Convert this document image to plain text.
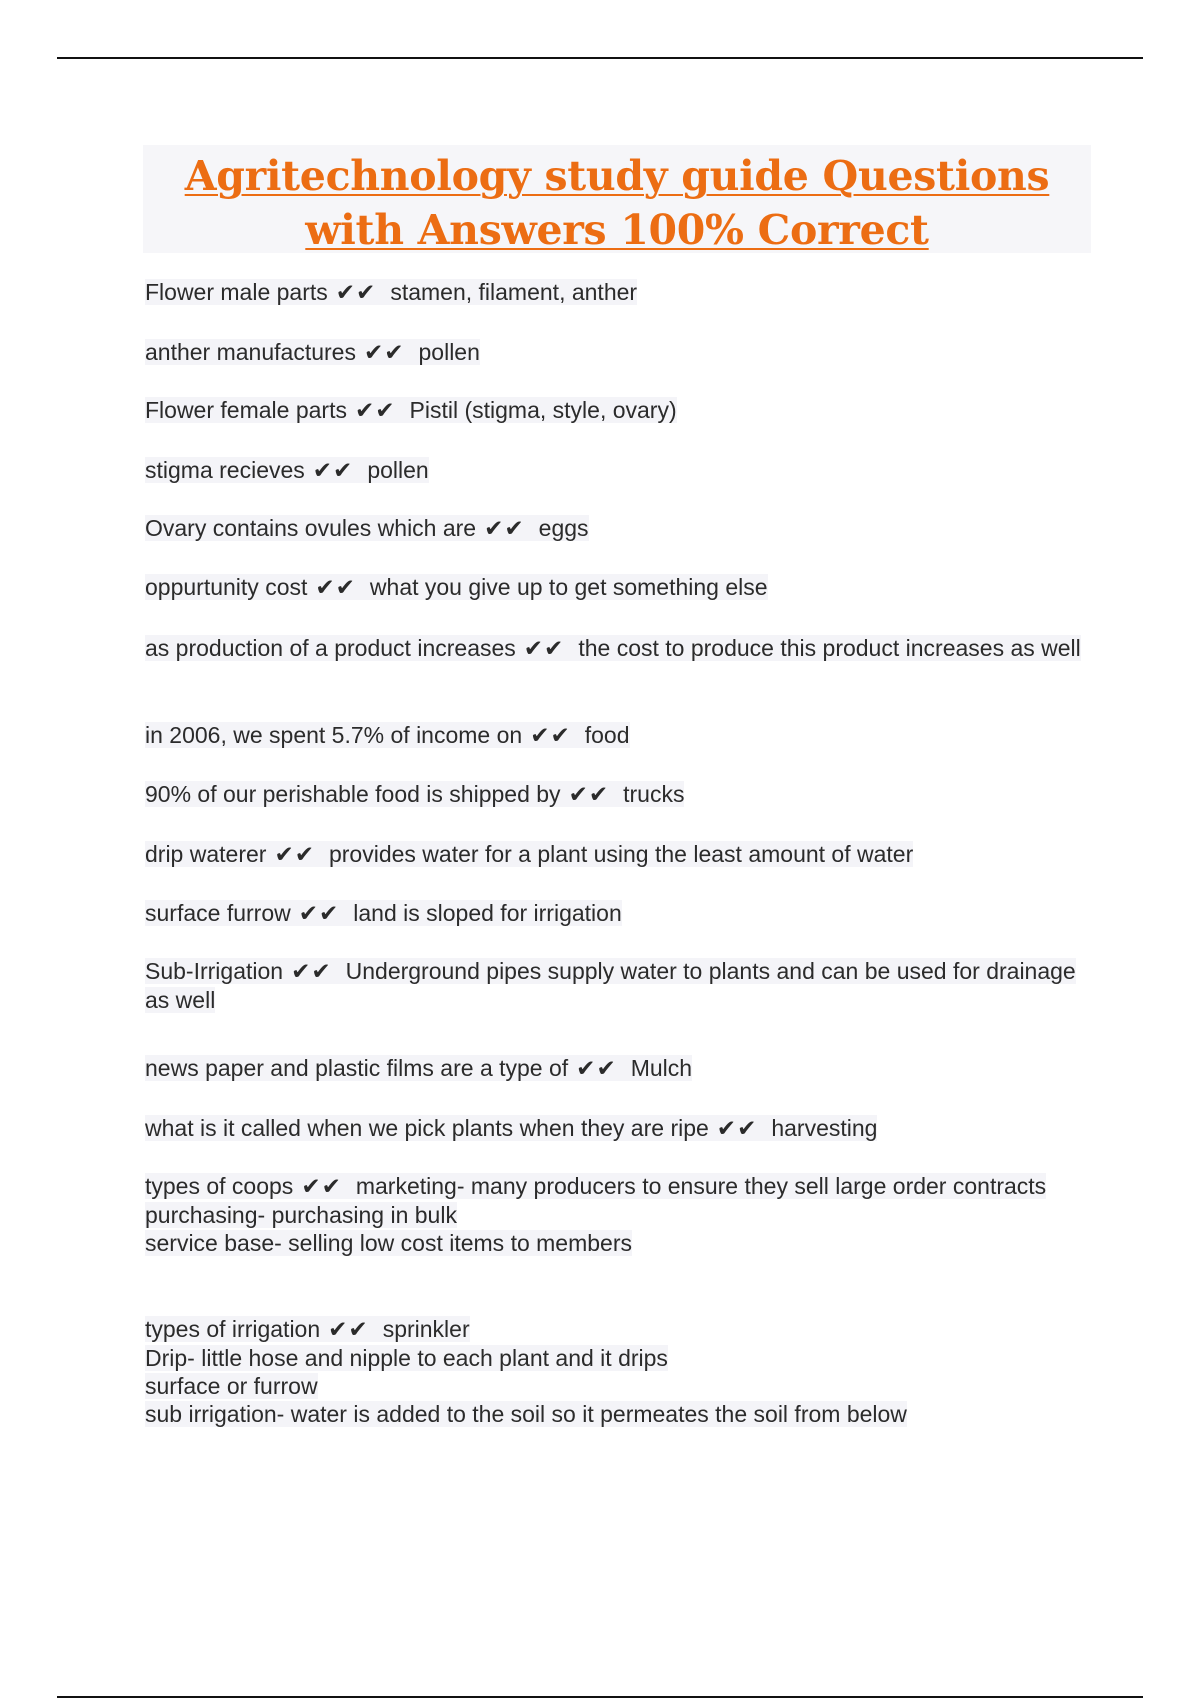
Agritechnology study guide Questions with Answers 100% Correct
Flower male parts ✔✔ stamen, filament, anther
anther manufactures ✔✔ pollen
Flower female parts ✔✔ Pistil (stigma, style, ovary)
stigma recieves ✔✔ pollen
Ovary contains ovules which are ✔✔ eggs
oppurtunity cost ✔✔ what you give up to get something else
as production of a product increases ✔✔ the cost to produce this product increases as well
in 2006, we spent 5.7% of income on ✔✔ food
90% of our perishable food is shipped by ✔✔ trucks
drip waterer ✔✔ provides water for a plant using the least amount of water
surface furrow ✔✔ land is sloped for irrigation
Sub-Irrigation ✔✔ Underground pipes supply water to plants and can be used for drainage as well
news paper and plastic films are a type of ✔✔ Mulch
what is it called when we pick plants when they are ripe ✔✔ harvesting
types of coops ✔✔ marketing- many producers to ensure they sell large order contracts
purchasing- purchasing in bulk
service base- selling low cost items to members
types of irrigation ✔✔ sprinkler
Drip- little hose and nipple to each plant and it drips
surface or furrow
sub irrigation- water is added to the soil so it permeates the soil from below
